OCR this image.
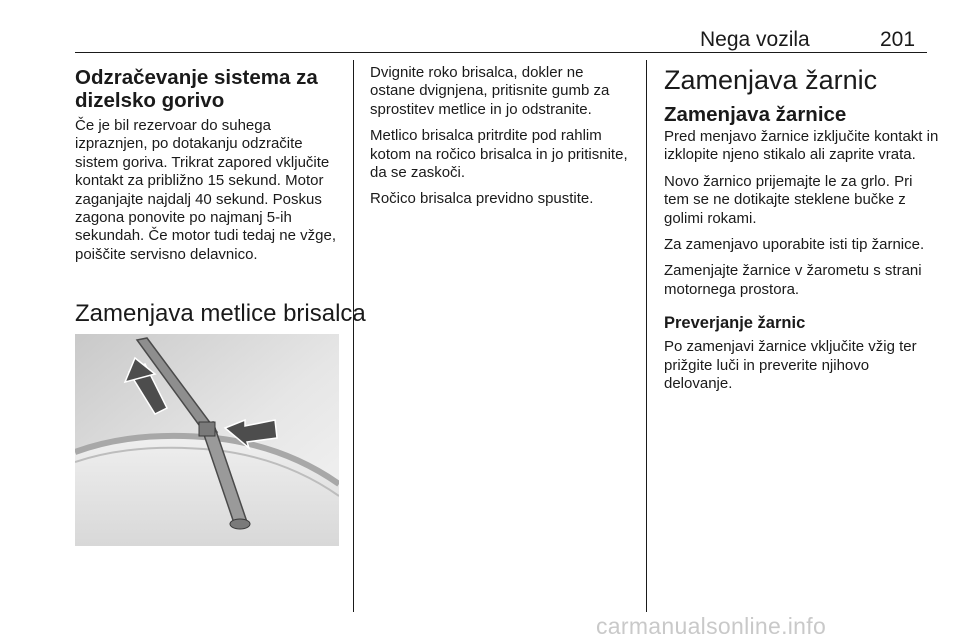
Nega vozila	201
Odzračevanje sistema za dizelsko gorivo
Če je bil rezervoar do suhega izpraznjen, po dotakanju odzračite sistem goriva. Trikrat zapored vključite kontakt za približno 15 sekund. Motor zaganjajte najdalj 40 sekund. Poskus zagona ponovite po najmanj 5-ih sekundah. Če motor tudi tedaj ne vžge, poiščite servisno delavnico.
Zamenjava metlice brisalca
Dvignite roko brisalca, dokler ne ostane dvignjena, pritisnite gumb za sprostitev metlice in jo odstranite.
Metlico brisalca pritrdite pod rahlim kotom na ročico brisalca in jo pritisnite, da se zaskoči.
Ročico brisalca previdno spustite.
Zamenjava žarnic
Zamenjava žarnice
Pred menjavo žarnice izključite kontakt in izklopite njeno stikalo ali zaprite vrata.
Novo žarnico prijemajte le za grlo. Pri tem se ne dotikajte steklene bučke z golimi rokami.
Za zamenjavo uporabite isti tip žarnice.
Zamenjajte žarnice v žarometu s strani motornega prostora.
Preverjanje žarnic
Po zamenjavi žarnice vključite vžig ter prižgite luči in preverite njihovo delovanje.
carmanualsonline.info
